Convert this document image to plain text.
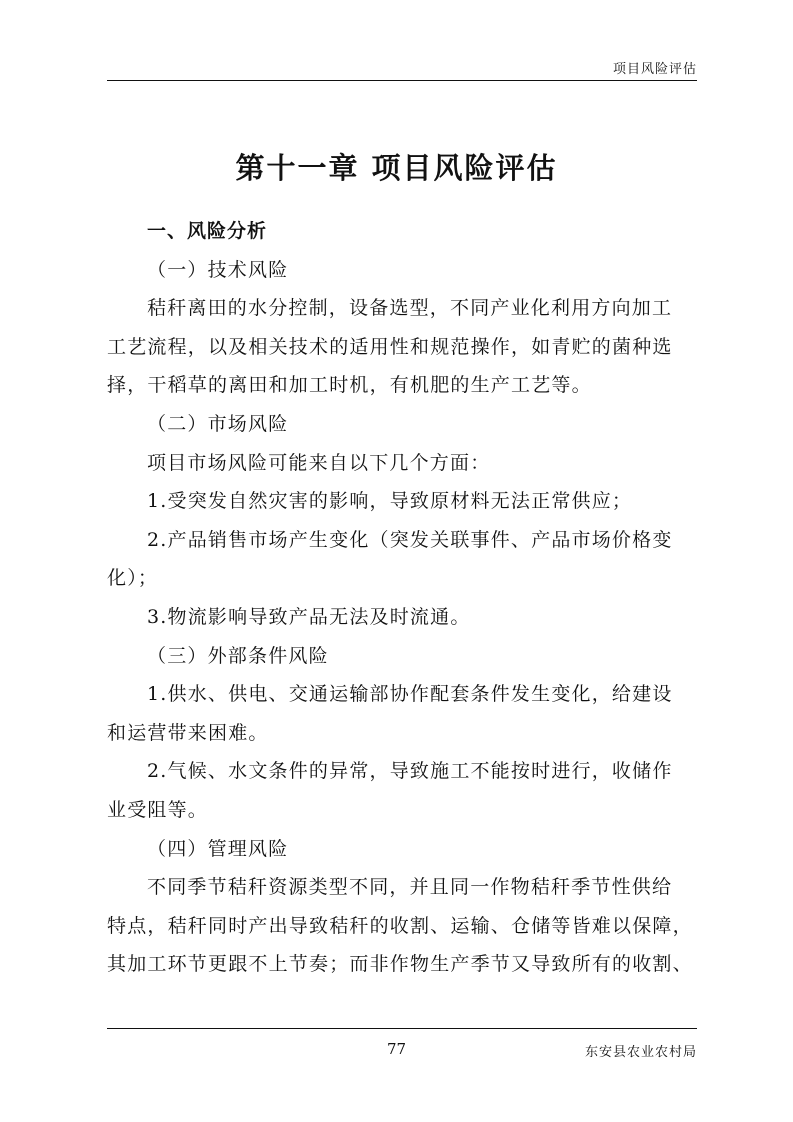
项目风险评估
第十一章 项目风险评估
一、风险分析
（一）技术风险
秸秆离田的水分控制，设备选型，不同产业化利用方向加工
工艺流程，以及相关技术的适用性和规范操作，如青贮的菌种选
择，干稻草的离田和加工时机，有机肥的生产工艺等。
（二）市场风险
项目市场风险可能来自以下几个方面：
1.受突发自然灾害的影响，导致原材料无法正常供应；
2.产品销售市场产生变化（突发关联事件、产品市场价格变
化）；
3.物流影响导致产品无法及时流通。
（三）外部条件风险
1.供水、供电、交通运输部协作配套条件发生变化，给建设
和运营带来困难。
2.气候、水文条件的异常，导致施工不能按时进行，收储作
业受阻等。
（四）管理风险
不同季节秸秆资源类型不同，并且同一作物秸秆季节性供给
特点，秸秆同时产出导致秸秆的收割、运输、仓储等皆难以保障，
其加工环节更跟不上节奏；而非作物生产季节又导致所有的收割、
77	东安县农业农村局
